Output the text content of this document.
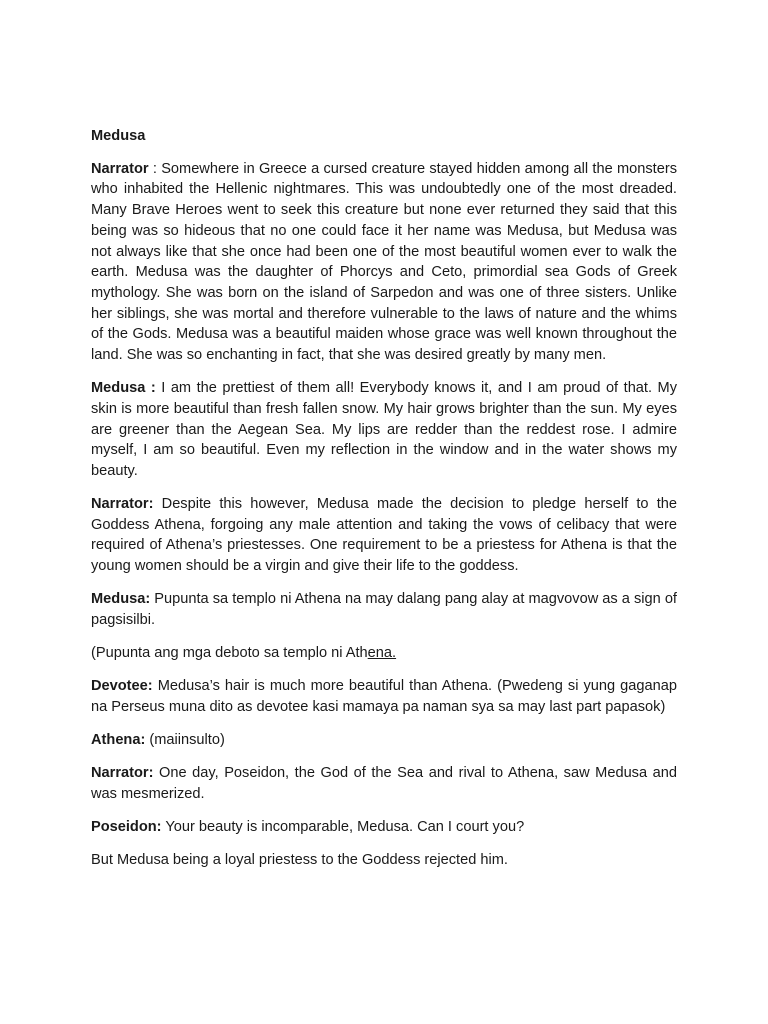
Medusa

Narrator : Somewhere in Greece a cursed creature stayed hidden among all the monsters who inhabited the Hellenic nightmares. This was undoubtedly one of the most dreaded. Many Brave Heroes went to seek this creature but none ever returned they said that this being was so hideous that no one could face it her name was Medusa, but Medusa was not always like that she once had been one of the most beautiful women ever to walk the earth. Medusa was the daughter of Phorcys and Ceto, primordial sea Gods of Greek mythology. She was born on the island of Sarpedon and was one of three sisters. Unlike her siblings, she was mortal and therefore vulnerable to the laws of nature and the whims of the Gods. Medusa was a beautiful maiden whose grace was well known throughout the land. She was so enchanting in fact, that she was desired greatly by many men.

Medusa : I am the prettiest of them all! Everybody knows it, and I am proud of that. My skin is more beautiful than fresh fallen snow. My hair grows brighter than the sun. My eyes are greener than the Aegean Sea. My lips are redder than the reddest rose. I admire myself, I am so beautiful. Even my reflection in the window and in the water shows my beauty.

Narrator: Despite this however, Medusa made the decision to pledge herself to the Goddess Athena, forgoing any male attention and taking the vows of celibacy that were required of Athena’s priestesses. One requirement to be a priestess for Athena is that the young women should be a virgin and give their life to the goddess.

Medusa: Pupunta sa templo ni Athena na may dalang pang alay at magvovow as a sign of pagsisilbi.

(Pupunta ang mga deboto sa templo ni Athena.

Devotee: Medusa’s hair is much more beautiful than Athena. (Pwedeng si yung gaganap na Perseus muna dito as devotee kasi mamaya pa naman sya sa may last part papasok)

Athena: (maiinsulto)

Narrator: One day, Poseidon, the God of the Sea and rival to Athena, saw Medusa and was mesmerized.

Poseidon: Your beauty is incomparable, Medusa. Can I court you?

But Medusa being a loyal priestess to the Goddess rejected him.
